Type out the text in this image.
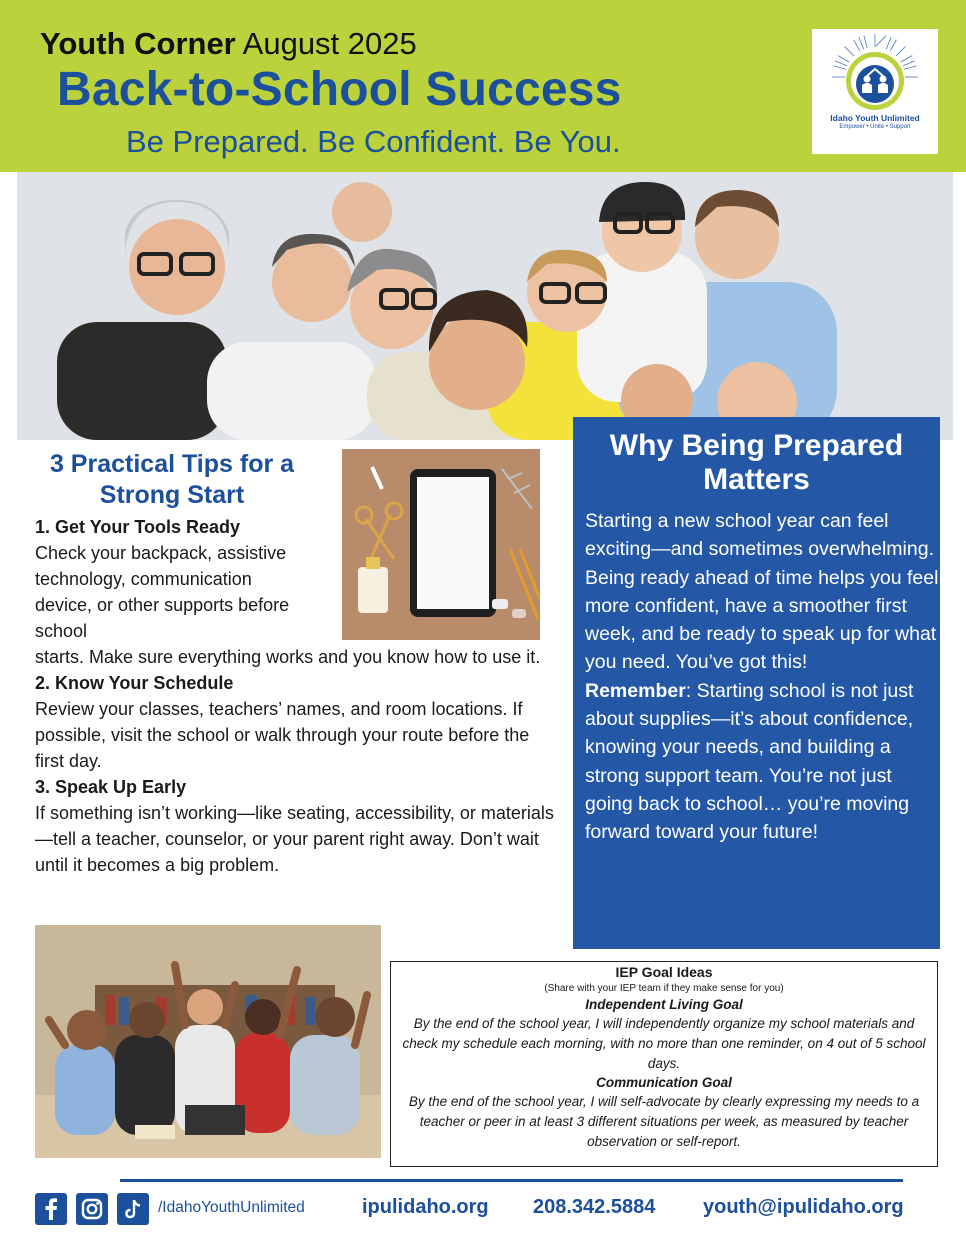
Youth Corner August 2025
Back-to-School Success
Be Prepared. Be Confident. Be You.
Idaho Youth Unlimited
Empower • Unite • Support
3 Practical Tips for a Strong Start
1. Get Your Tools Ready
Check your backpack, assistive technology, communication device, or other supports before school
starts. Make sure everything works and you know how to use it.
2. Know Your Schedule
Review your classes, teachers’ names, and room locations. If possible, visit the school or walk through your route before the first day.
3. Speak Up Early
If something isn’t working—like seating, accessibility, or materials—tell a teacher, counselor, or your parent right away. Don’t wait until it becomes a big problem.
Why Being Prepared Matters
Starting a new school year can feel exciting—and sometimes overwhelming. Being ready ahead of time helps you feel more confident, have a smoother first week, and be ready to speak up for what you need. You’ve got this!
Remember: Starting school is not just about supplies—it’s about confidence, knowing your needs, and building a strong support team. You’re not just going back to school… you’re moving forward toward your future!
IEP Goal Ideas
(Share with your IEP team if they make sense for you)
Independent Living Goal
By the end of the school year, I will independently organize my school materials and check my schedule each morning, with no more than one reminder, on 4 out of 5 school days.
Communication Goal
By the end of the school year, I will self-advocate by clearly expressing my needs to a teacher or peer in at least 3 different situations per week, as measured by teacher observation or self-report.
/IdahoYouthUnlimited	ipulidaho.org 208.342.5884 youth@ipulidaho.org
